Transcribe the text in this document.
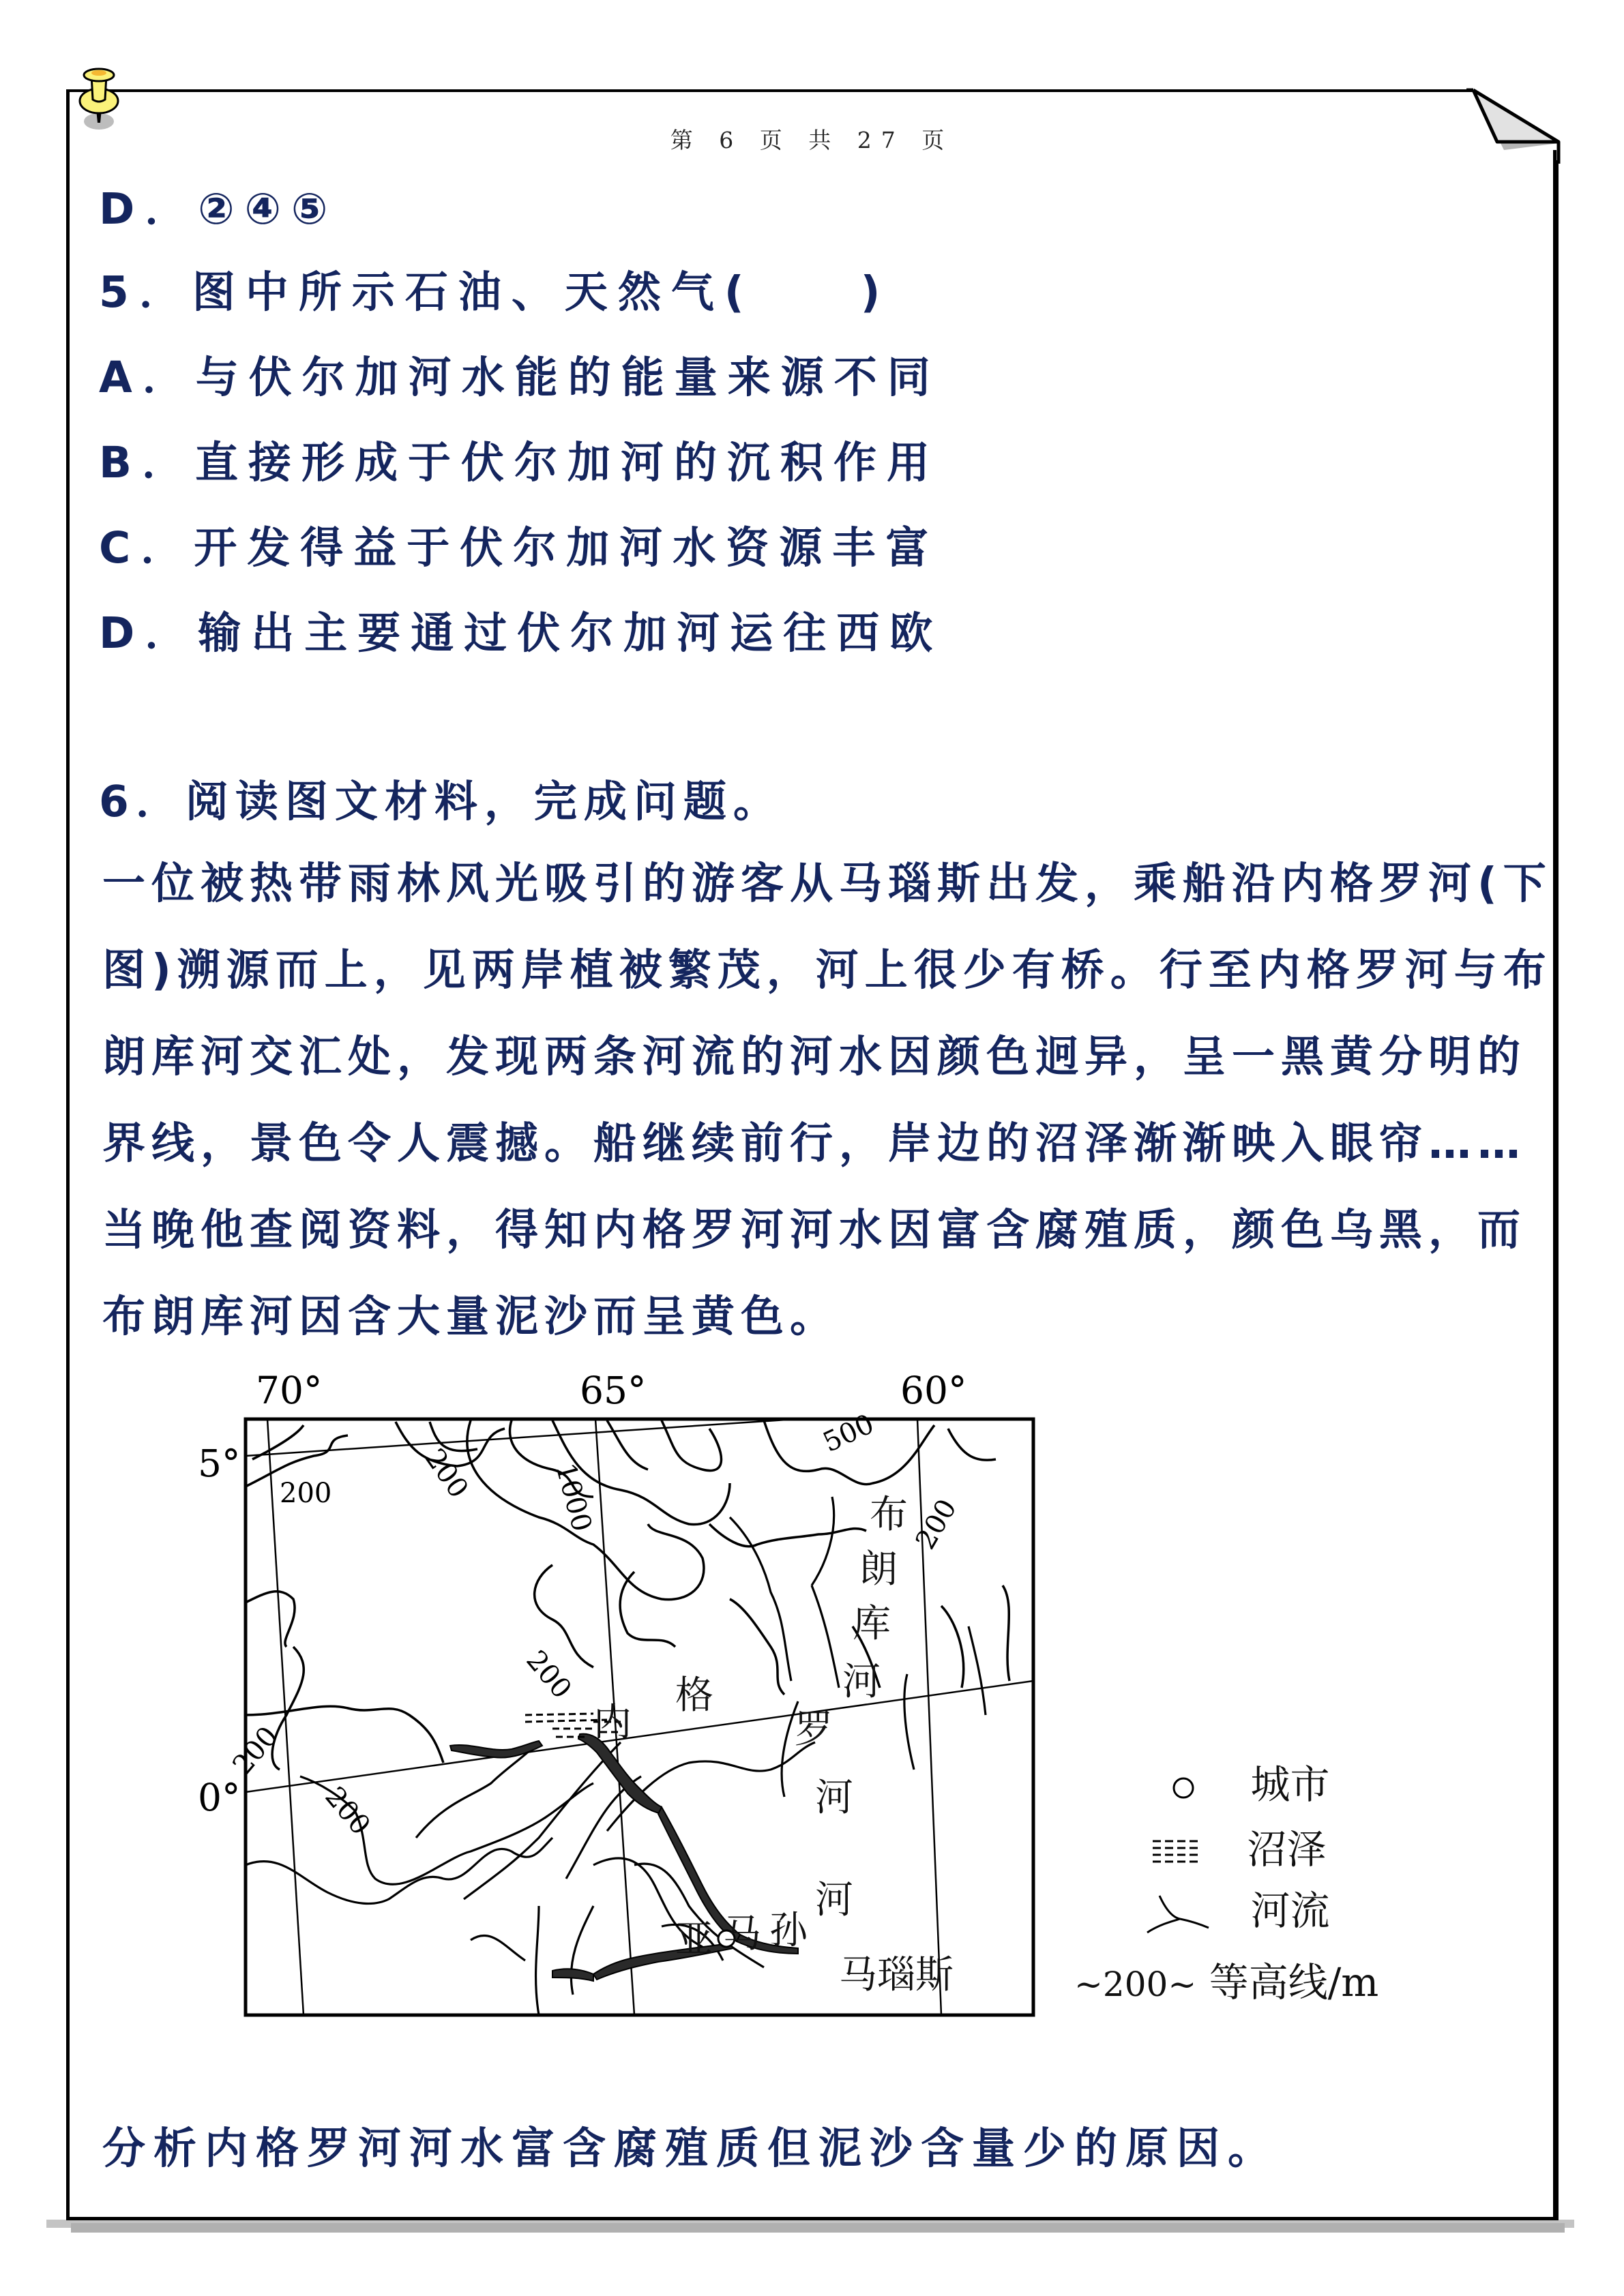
第 6 页 共 27 页
D．②④⑤
5．图中所示石油、天然气(　　)
A．与伏尔加河水能的能量来源不同
B．直接形成于伏尔加河的沉积作用
C．开发得益于伏尔加河水资源丰富
D．输出主要通过伏尔加河运往西欧
6．阅读图文材料，完成问题。
一位被热带雨林风光吸引的游客从马瑙斯出发，乘船沿内格罗河(下
图)溯源而上，见两岸植被繁茂，河上很少有桥。行至内格罗河与布
朗库河交汇处，发现两条河流的河水因颜色迥异，呈一黑黄分明的
界线，景色令人震撼。船继续前行，岸边的沼泽渐渐映入眼帘……
当晚他查阅资料，得知内格罗河河水因富含腐殖质，颜色乌黑，而
布朗库河因含大量泥沙而呈黄色。
70°	65°	60°
5°
0°
200	200
500
1000	200
200
200
200
内
格
罗
河
布
朗
库
河
亚 马 孙
河
马瑙斯
城市
沼泽
河流
~200~ 等高线/m
分析内格罗河河水富含腐殖质但泥沙含量少的原因。
